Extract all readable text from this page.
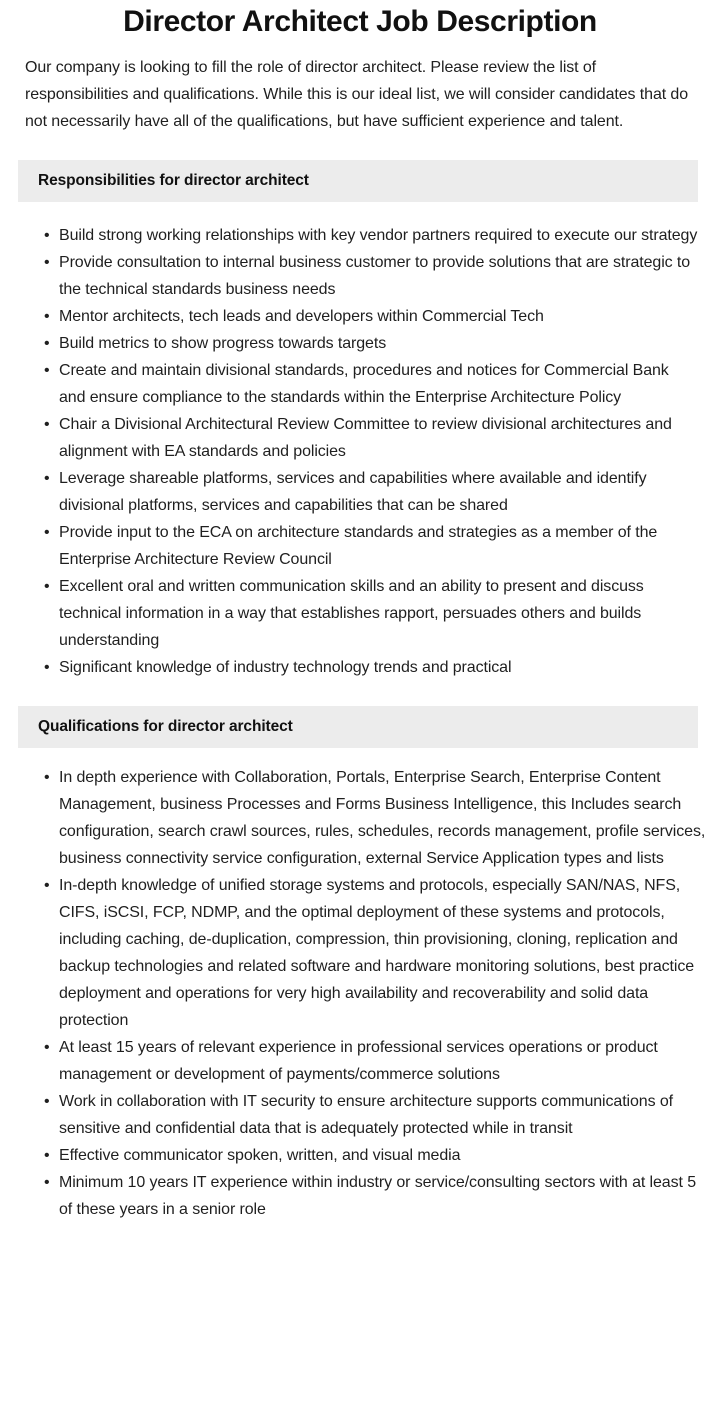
Director Architect Job Description

Our company is looking to fill the role of director architect. Please review the list of responsibilities and qualifications. While this is our ideal list, we will consider candidates that do not necessarily have all of the qualifications, but have sufficient experience and talent.

Responsibilities for director architect
• Build strong working relationships with key vendor partners required to execute our strategy
• Provide consultation to internal business customer to provide solutions that are strategic to the technical standards business needs
• Mentor architects, tech leads and developers within Commercial Tech
• Build metrics to show progress towards targets
• Create and maintain divisional standards, procedures and notices for Commercial Bank and ensure compliance to the standards within the Enterprise Architecture Policy
• Chair a Divisional Architectural Review Committee to review divisional architectures and alignment with EA standards and policies
• Leverage shareable platforms, services and capabilities where available and identify divisional platforms, services and capabilities that can be shared
• Provide input to the ECA on architecture standards and strategies as a member of the Enterprise Architecture Review Council
• Excellent oral and written communication skills and an ability to present and discuss technical information in a way that establishes rapport, persuades others and builds understanding
• Significant knowledge of industry technology trends and practical
Qualifications for director architect
• In depth experience with Collaboration, Portals, Enterprise Search, Enterprise Content Management, business Processes and Forms Business Intelligence, this Includes search configuration, search crawl sources, rules, schedules, records management, profile services, business connectivity service configuration, external Service Application types and lists
• In-depth knowledge of unified storage systems and protocols, especially SAN/NAS, NFS, CIFS, iSCSI, FCP, NDMP, and the optimal deployment of these systems and protocols, including caching, de-duplication, compression, thin provisioning, cloning, replication and backup technologies and related software and hardware monitoring solutions, best practice deployment and operations for very high availability and recoverability and solid data protection
• At least 15 years of relevant experience in professional services operations or product management or development of payments/commerce solutions
• Work in collaboration with IT security to ensure architecture supports communications of sensitive and confidential data that is adequately protected while in transit
• Effective communicator spoken, written, and visual media
• Minimum 10 years IT experience within industry or service/consulting sectors with at least 5 of these years in a senior role
